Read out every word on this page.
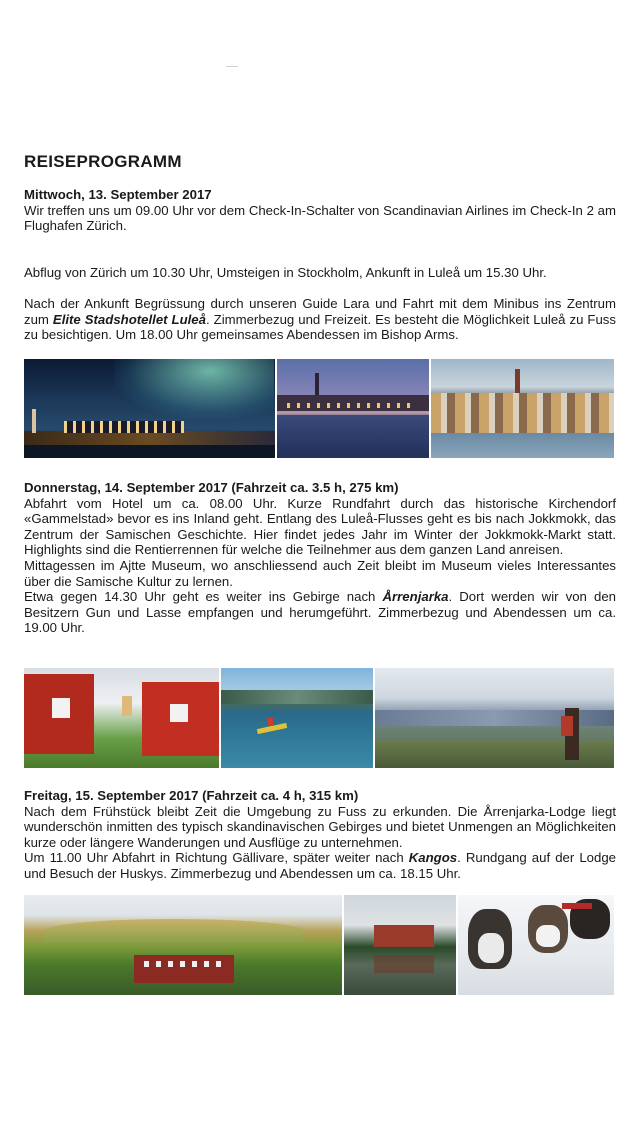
REISEPROGRAMM
Mittwoch, 13. September 2017

Wir treffen uns um 09.00 Uhr vor dem Check-In-Schalter von Scandinavian Airlines im Check-In 2 am Flughafen Zürich.

Abflug von Zürich um 10.30 Uhr, Umsteigen in Stockholm, Ankunft in Luleå um 15.30 Uhr.

Nach der Ankunft Begrüssung durch unseren Guide Lara und Fahrt mit dem Minibus ins Zentrum zum Elite Stadshotellet Luleå. Zimmerbezug und Freizeit. Es besteht die Möglichkeit Luleå zu Fuss zu besichtigen. Um 18.00 Uhr gemeinsames Abendessen im Bishop Arms.

Donnerstag, 14. September 2017 (Fahrzeit ca. 3.5 h, 275 km)

Abfahrt vom Hotel um ca. 08.00 Uhr. Kurze Rundfahrt durch das historische Kirchendorf «Gammelstad» bevor es ins Inland geht. Entlang des Luleå-Flusses geht es bis nach Jokkmokk, das Zentrum der Samischen Geschichte. Hier findet jedes Jahr im Winter der Jokkmokk-Markt statt. Highlights sind die Rentierrennen für welche die Teilnehmer aus dem ganzen Land anreisen.

Mittagessen im Ajtte Museum, wo anschliessend auch Zeit bleibt im Museum vieles Interessantes über die Samische Kultur zu lernen.

Etwa gegen 14.30 Uhr geht es weiter ins Gebirge nach Årrenjarka. Dort werden wir von den Besitzern Gun und Lasse empfangen und herumgeführt. Zimmerbezug und Abendessen um ca. 19.00 Uhr.

Freitag, 15. September 2017 (Fahrzeit ca. 4 h, 315 km)

Nach dem Frühstück bleibt Zeit die Umgebung zu Fuss zu erkunden. Die Årrenjarka-Lodge liegt wunderschön inmitten des typisch skandinavischen Gebirges und bietet Unmengen an Möglichkeiten kurze oder längere Wanderungen und Ausflüge zu unternehmen.

Um 11.00 Uhr Abfahrt in Richtung Gällivare, später weiter nach Kangos. Rundgang auf der Lodge und Besuch der Huskys. Zimmerbezug und Abendessen um ca. 18.15 Uhr.
